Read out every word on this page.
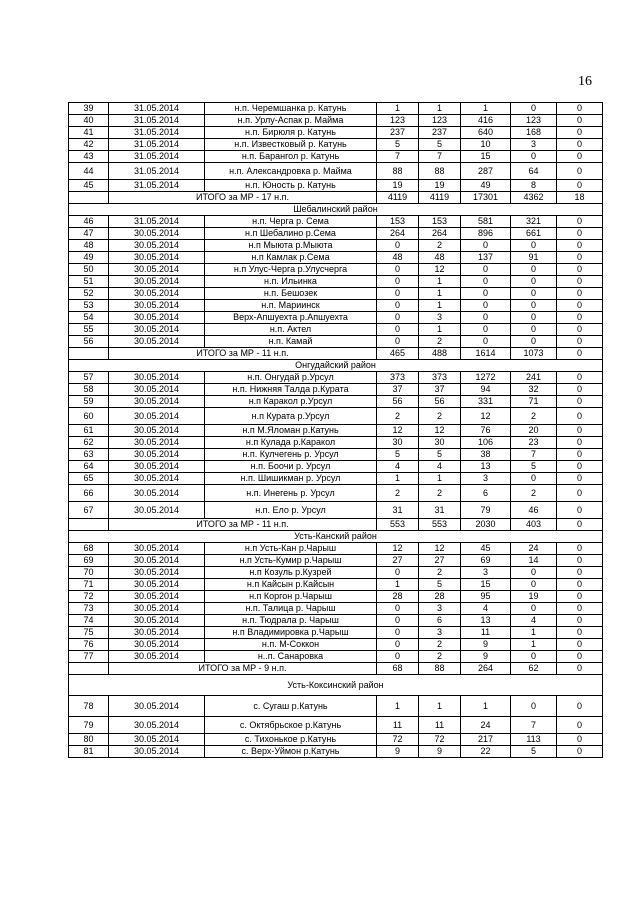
16
39	31.05.2014	н.п. Черемшанка р. Катунь	1	1	1	0	0
40	31.05.2014	н.п. Урлу-Аспак р. Майма	123	123	416	123	0
41	31.05.2014	н.п. Бирюля р. Катунь	237	237	640	168	0
42	31.05.2014	н.п. Известковый р. Катунь	5	5	10	3	0
43	31.05.2014	н.п. Барангол р. Катунь	7	7	15	0	0
44	31.05.2014	н.п. Александровка р. Майма	88	88	287	64	0
45	31.05.2014	н.п. Юность р. Катунь	19	19	49	8	0
	ИТОГО за МР - 17 н.п.		4119	4119	17301	4362	18
Шебалинский район							
46	31.05.2014	н.п. Черга р. Сема	153	153	581	321	0
47	30.05.2014	н.п Шебалино р.Сема	264	264	896	661	0
48	30.05.2014	н.п Мыюта р.Мыюта	0	2	0	0	0
49	30.05.2014	н.п Камлак р.Сема	48	48	137	91	0
50	30.05.2014	н.п Улус-Черга р.Улусчерга	0	12	0	0	0
51	30.05.2014	н.п. Ильинка	0	1	0	0	0
52	30.05.2014	н.п. Бешозек	0	1	0	0	0
53	30.05.2014	н.п. Мариинск	0	1	0	0	0
54	30.05.2014	Верх-Апшуехта р.Апшуехта	0	3	0	0	0
55	30.05.2014	н.п. Актел	0	1	0	0	0
56	30.05.2014	н.п. Камай	0	2	0	0	0
	ИТОГО за МР - 11 н.п.		465	488	1614	1073	0
Онгудайский район							
57	30.05.2014	н.п. Онгудай р.Урсул	373	373	1272	241	0
58	30.05.2014	н.п. Нижняя Талда р.Курата	37	37	94	32	0
59	30.05.2014	н.п Каракол р.Урсул	56	56	331	71	0
60	30.05.2014	н.п Курата р.Урсул	2	2	12	2	0
61	30.05.2014	н.п М.Яломан р.Катунь	12	12	76	20	0
62	30.05.2014	н.п Кулада р.Каракол	30	30	106	23	0
63	30.05.2014	н.п. Кулчегень р. Урсул	5	5	38	7	0
64	30.05.2014	н.п. Боочи р. Урсул	4	4	13	5	0
65	30.05.2014	н.п. Шишикман р. Урсул	1	1	3	0	0
66	30.05.2014	н.п. Инегень р. Урсул	2	2	6	2	0
67	30.05.2014	н.п. Ело р. Урсул	31	31	79	46	0
	ИТОГО за МР - 11 н.п.		553	553	2030	403	0
Усть-Канский район							
68	30.05.2014	н.п Усть-Кан р.Чарыш	12	12	45	24	0
69	30.05.2014	н.п Усть-Кумир р.Чарыш	27	27	69	14	0
70	30.05.2014	н.п Козуль р.Кузрей	0	2	3	0	0
71	30.05.2014	н.п Кайсын р.Кайсын	1	5	15	0	0
72	30.05.2014	н.п Коргон р.Чарыш	28	28	95	19	0
73	30.05.2014	н.п. Талица р. Чарыш	0	3	4	0	0
74	30.05.2014	н.п. Тюдрала р. Чарыш	0	6	13	4	0
75	30.05.2014	н.п Владимировка р.Чарыш	0	3	11	1	0
76	30.05.2014	н.п. М-Соккон	0	2	9	1	0
77	30.05.2014	н..п. Санаровка	0	2	9	0	0
	ИТОГО за МР - 9 н.п.		68	88	264	62	0
Усть-Коксинский район							
78	30.05.2014	с. Сугаш р.Катунь	1	1	1	0	0
79	30.05.2014	с. Октябрьское р.Катунь	11	11	24	7	0
80	30.05.2014	с. Тихонькое р.Катунь	72	72	217	113	0
81	30.05.2014	с. Верх-Уймон р.Катунь	9	9	22	5	0
